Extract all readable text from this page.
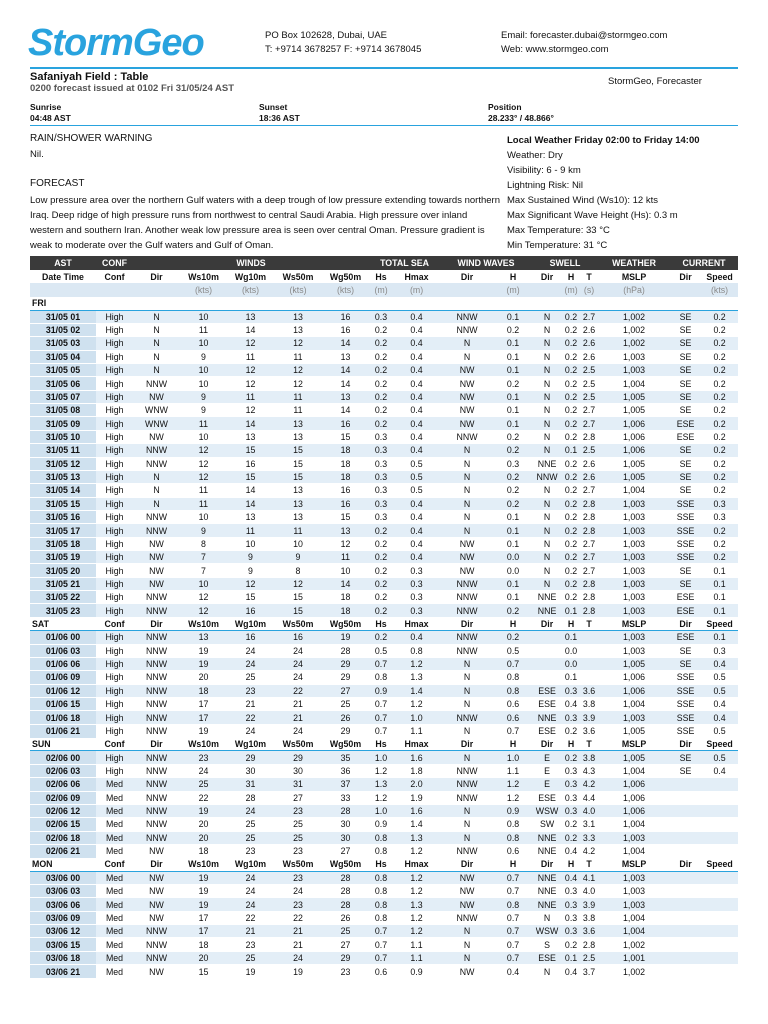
StormGeo	PO Box 102628, Dubai, UAE
T: +9714 3678257 F: +9714 3678045
Email: forecaster.dubai@stormgeo.com
Web: www.stormgeo.com
Safaniyah Field : Table
0200 forecast issued at 0102 Fri 31/05/24 AST
StormGeo, Forecaster
Sunrise
04:48 AST
Sunset
18:36 AST
Position
28.233° / 48.866°
RAIN/SHOWER WARNING
Nil.
FORECAST
Low pressure area over the northern Gulf waters with a deep trough of low pressure extending towards northern Iraq. Deep ridge of high pressure runs from northwest to central Saudi Arabia. High pressure over inland western and southern Iran. Another weak low pressure area is seen over central Oman. Pressure gradient is weak to moderate over the Gulf waters and Gulf of Oman.
Local Weather Friday 02:00 to Friday 14:00
Weather: Dry
Visibility: 6 - 9 km
Lightning Risk: Nil
Max Sustained Wind (Ws10): 12 kts
Max Significant Wave Height (Hs): 0.3 m
Max Temperature: 33 °C
Min Temperature: 31 °C
AST	CONF	WINDS					TOTAL SEA		WIND WAVES		SWELL			WEATHER	CURRENT	
Date Time	Conf	Dir	Ws10m	Wg10m	Ws50m	Wg50m	Hs	Hmax	Dir	H	Dir	H	T	MSLP	Dir	Speed
			(kts)	(kts)	(kts)	(kts)	(m)	(m)		(m)		(m)	(s)	(hPa)		(kts)
FRI																
31/05 01	High	N	10	13	13	16	0.3	0.4	NNW	0.1	N	0.2	2.7	1,002	SE	0.2
31/05 02	High	N	11	14	13	16	0.2	0.4	NNW	0.2	N	0.2	2.6	1,002	SE	0.2
31/05 03	High	N	10	12	12	14	0.2	0.4	N	0.1	N	0.2	2.6	1,002	SE	0.2
31/05 04	High	N	9	11	11	13	0.2	0.4	N	0.1	N	0.2	2.6	1,003	SE	0.2
31/05 05	High	N	10	12	12	14	0.2	0.4	NW	0.1	N	0.2	2.5	1,003	SE	0.2
31/05 06	High	NNW	10	12	12	14	0.2	0.4	NW	0.2	N	0.2	2.5	1,004	SE	0.2
31/05 07	High	NW	9	11	11	13	0.2	0.4	NW	0.1	N	0.2	2.5	1,005	SE	0.2
31/05 08	High	WNW	9	12	11	14	0.2	0.4	NW	0.1	N	0.2	2.7	1,005	SE	0.2
31/05 09	High	WNW	11	14	13	16	0.2	0.4	NW	0.1	N	0.2	2.7	1,006	ESE	0.2
31/05 10	High	NW	10	13	13	15	0.3	0.4	NNW	0.2	N	0.2	2.8	1,006	ESE	0.2
31/05 11	High	NNW	12	15	15	18	0.3	0.4	N	0.2	N	0.1	2.5	1,006	SE	0.2
31/05 12	High	NNW	12	16	15	18	0.3	0.5	N	0.3	NNE	0.2	2.6	1,005	SE	0.2
31/05 13	High	N	12	15	15	18	0.3	0.5	N	0.2	NNW	0.2	2.6	1,005	SE	0.2
31/05 14	High	N	11	14	13	16	0.3	0.5	N	0.2	N	0.2	2.7	1,004	SE	0.2
31/05 15	High	N	11	14	13	16	0.3	0.4	N	0.2	N	0.2	2.8	1,003	SSE	0.3
31/05 16	High	NNW	10	13	13	15	0.3	0.4	N	0.1	N	0.2	2.8	1,003	SSE	0.3
31/05 17	High	NNW	9	11	11	13	0.2	0.4	N	0.1	N	0.2	2.8	1,003	SSE	0.2
31/05 18	High	NW	8	10	10	12	0.2	0.4	NW	0.1	N	0.2	2.7	1,003	SSE	0.2
31/05 19	High	NW	7	9	9	11	0.2	0.4	NW	0.0	N	0.2	2.7	1,003	SSE	0.2
31/05 20	High	NW	7	9	8	10	0.2	0.3	NW	0.0	N	0.2	2.7	1,003	SE	0.1
31/05 21	High	NW	10	12	12	14	0.2	0.3	NNW	0.1	N	0.2	2.8	1,003	SE	0.1
31/05 22	High	NNW	12	15	15	18	0.2	0.3	NNW	0.1	NNE	0.2	2.8	1,003	ESE	0.1
31/05 23	High	NNW	12	16	15	18	0.2	0.3	NNW	0.2	NNE	0.1	2.8	1,003	ESE	0.1
SAT	Conf	Dir	Ws10m	Wg10m	Ws50m	Wg50m	Hs	Hmax	Dir	H	Dir	H	T	MSLP	Dir	Speed
01/06 00	High	NNW	13	16	16	19	0.2	0.4	NNW	0.2		0.1		1,003	ESE	0.1
01/06 03	High	NNW	19	24	24	28	0.5	0.8	NNW	0.5		0.0		1,003	SE	0.3
01/06 06	High	NNW	19	24	24	29	0.7	1.2	N	0.7		0.0		1,005	SE	0.4
01/06 09	High	NNW	20	25	24	29	0.8	1.3	N	0.8		0.1		1,006	SSE	0.5
01/06 12	High	NNW	18	23	22	27	0.9	1.4	N	0.8	ESE	0.3	3.6	1,006	SSE	0.5
01/06 15	High	NNW	17	21	21	25	0.7	1.2	N	0.6	ESE	0.4	3.8	1,004	SSE	0.4
01/06 18	High	NNW	17	22	21	26	0.7	1.0	NNW	0.6	NNE	0.3	3.9	1,003	SSE	0.4
01/06 21	High	NNW	19	24	24	29	0.7	1.1	N	0.7	ESE	0.2	3.6	1,005	SSE	0.5
SUN	Conf	Dir	Ws10m	Wg10m	Ws50m	Wg50m	Hs	Hmax	Dir	H	Dir	H	T	MSLP	Dir	Speed
02/06 00	High	NNW	23	29	29	35	1.0	1.6	N	1.0	E	0.2	3.8	1,005	SE	0.5
02/06 03	High	NNW	24	30	30	36	1.2	1.8	NNW	1.1	E	0.3	4.3	1,004	SE	0.4
02/06 06	Med	NNW	25	31	31	37	1.3	2.0	NNW	1.2	E	0.3	4.2	1,006		
02/06 09	Med	NNW	22	28	27	33	1.2	1.9	NNW	1.2	ESE	0.3	4.4	1,006		
02/06 12	Med	NNW	19	24	23	28	1.0	1.6	N	0.9	WSW	0.3	4.0	1,006		
02/06 15	Med	NNW	20	25	25	30	0.9	1.4	N	0.8	SW	0.2	3.1	1,004		
02/06 18	Med	NNW	20	25	25	30	0.8	1.3	N	0.8	NNE	0.2	3.3	1,003		
02/06 21	Med	NW	18	23	23	27	0.8	1.2	NNW	0.6	NNE	0.4	4.2	1,004		
MON	Conf	Dir	Ws10m	Wg10m	Ws50m	Wg50m	Hs	Hmax	Dir	H	Dir	H	T	MSLP	Dir	Speed
03/06 00	Med	NW	19	24	23	28	0.8	1.2	NW	0.7	NNE	0.4	4.1	1,003		
03/06 03	Med	NW	19	24	24	28	0.8	1.2	NW	0.7	NNE	0.3	4.0	1,003		
03/06 06	Med	NW	19	24	23	28	0.8	1.3	NW	0.8	NNE	0.3	3.9	1,003		
03/06 09	Med	NW	17	22	22	26	0.8	1.2	NNW	0.7	N	0.3	3.8	1,004		
03/06 12	Med	NNW	17	21	21	25	0.7	1.2	N	0.7	WSW	0.3	3.6	1,004		
03/06 15	Med	NNW	18	23	21	27	0.7	1.1	N	0.7	S	0.2	2.8	1,002		
03/06 18	Med	NNW	20	25	24	29	0.7	1.1	N	0.7	ESE	0.1	2.5	1,001		
03/06 21	Med	NW	15	19	19	23	0.6	0.9	NW	0.4	N	0.4	3.7	1,002		
